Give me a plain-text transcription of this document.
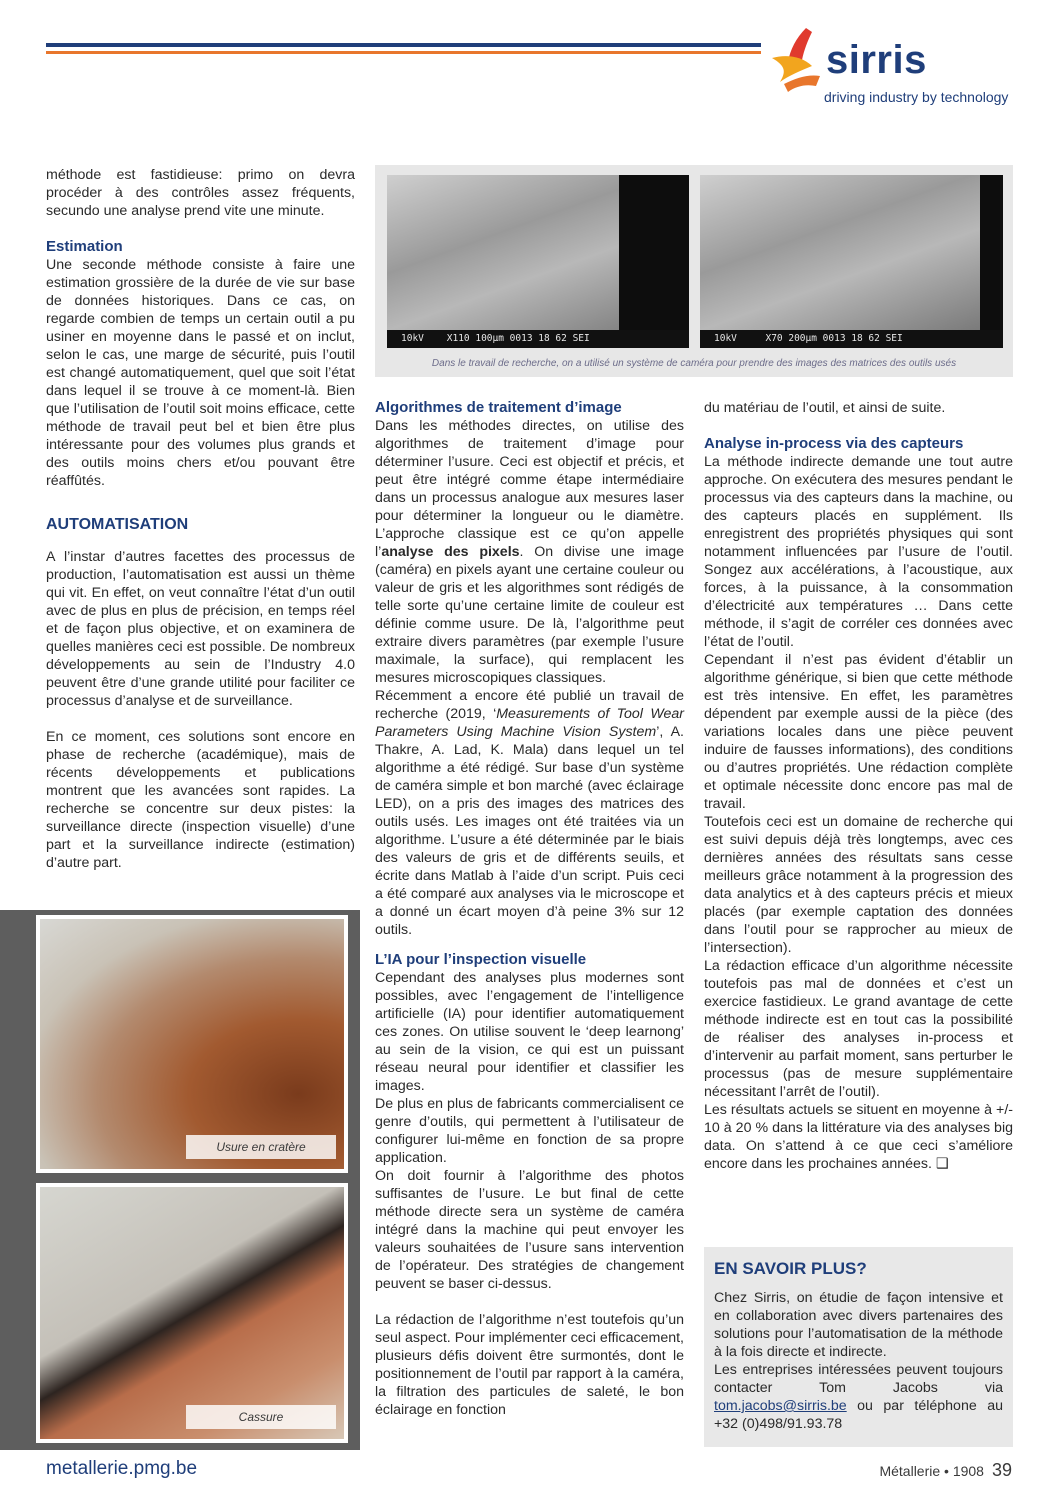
sirris
driving industry by technology

méthode est fastidieuse: primo on devra procéder à des contrôles assez fréquents, secundo une analyse prend vite une minute.

Estimation

Une seconde méthode consiste à faire une estimation grossière de la durée de vie sur base de données historiques. Dans ce cas, on regarde combien de temps un certain outil a pu usiner en moyenne dans le passé et on inclut, selon le cas, une marge de sécurité, puis l’outil est changé automatiquement, quel que soit l’état dans lequel il se trouve à ce moment-là. Bien que l’utilisation de l’outil soit moins efficace, cette méthode de travail peut bel et bien être plus intéressante pour des volumes plus grands et des outils moins chers et/ou pouvant être réaffûtés.

AUTOMATISATION

A l’instar d’autres facettes des processus de production, l’automatisation est aussi un thème qui vit. En effet, on veut connaître l’état d’un outil avec de plus en plus de précision, en temps réel et de façon plus objective, et on examinera de quelles manières ceci est possible. De nombreux développements au sein de l’Industry 4.0 peuvent être d’une grande utilité pour faciliter ce processus d’analyse et de surveillance.

En ce moment, ces solutions sont encore en phase de recherche (académique), mais de récents développements et publications montrent que les avancées sont rapides. La recherche se concentre sur deux pistes: la surveillance directe (inspection visuelle) d’une part et la surveillance indirecte (estimation) d’autre part.

10kV    X110 100µm 0013 18 62 SEI	10kV     X70 200µm 0013 18 62 SEI
Dans le travail de recherche, on a utilisé un système de caméra pour prendre des images des matrices des outils usés
Algorithmes de traitement d’image

Dans les méthodes directes, on utilise des algorithmes de traitement d’image pour déterminer l’usure. Ceci est objectif et précis, et peut être intégré comme étape intermédiaire dans un processus analogue aux mesures laser pour déterminer la longueur ou le diamètre. L’approche classique est ce qu’on appelle l’analyse des pixels. On divise une image (caméra) en pixels ayant une certaine couleur ou valeur de gris et les algorithmes sont rédigés de telle sorte qu’une certaine limite de couleur est définie comme usure. De là, l’algorithme peut extraire divers paramètres (par exemple l’usure maximale, la surface), qui remplacent les mesures microscopiques classiques.

Récemment a encore été publié un travail de recherche (2019, ‘Measurements of Tool Wear Parameters Using Machine Vision System’, A. Thakre, A. Lad, K. Mala) dans lequel un tel algorithme a été rédigé. Sur base d’un système de caméra simple et bon marché (avec éclairage LED), on a pris des images des matrices des outils usés. Les images ont été traitées via un algorithme. L’usure a été déterminée par le biais des valeurs de gris et de différents seuils, et écrite dans Matlab à l’aide d’un script. Puis ceci a été comparé aux analyses via le microscope et a donné un écart moyen d’à peine 3% sur 12 outils.

L’IA pour l’inspection visuelle

Cependant des analyses plus modernes sont possibles, avec l’engagement de l’intelligence artificielle (IA) pour identifier automatiquement ces zones. On utilise souvent le ‘deep learnong’ au sein de la vision, ce qui est un puissant réseau neural pour identifier et classifier les images.

De plus en plus de fabricants commercialisent ce genre d’outils, qui permettent à l’utilisateur de configurer lui-même en fonction de sa propre application.

On doit fournir à l’algorithme des photos suffisantes de l’usure. Le but final de cette méthode directe sera un système de caméra intégré dans la machine qui peut envoyer les valeurs souhaitées de l’usure sans intervention de l’opérateur. Des stratégies de changement peuvent se baser ci-dessus.

La rédaction de l’algorithme n’est toutefois qu’un seul aspect. Pour implémenter ceci efficacement, plusieurs défis doivent être surmontés, dont le positionnement de l’outil par rapport à la caméra, la filtration des particules de saleté, le bon éclairage en fonction

du matériau de l’outil, et ainsi de suite.

Analyse in-process via des capteurs

La méthode indirecte demande une tout autre approche. On exécutera des mesures pendant le processus via des capteurs dans la machine, ou des capteurs placés en supplément. Ils enregistrent des propriétés physiques qui sont notamment influencées par l’usure de l’outil. Songez aux accélérations, à l’acoustique, aux forces, à la puissance, à la consommation d’électricité aux températures … Dans cette méthode, il s’agit de corréler ces données avec l’état de l’outil.

Cependant il n’est pas évident d’établir un algorithme générique, si bien que cette méthode est très intensive. En effet, les paramètres dépendent par exemple aussi de la pièce (des variations locales dans une pièce peuvent induire de fausses informations), des conditions ou d’autres propriétés. Une rédaction complète et optimale nécessite donc encore pas mal de travail.

Toutefois ceci est un domaine de recherche qui est suivi depuis déjà très longtemps, avec ces dernières années des résultats sans cesse meilleurs grâce notamment à la progression des data analytics et à des capteurs précis et mieux placés (par exemple captation des données dans l’outil pour se rapprocher au mieux de l’intersection).

La rédaction efficace d’un algorithme nécessite toutefois pas mal de données et c’est un exercice fastidieux. Le grand avantage de cette méthode indirecte est en tout cas la possibilité de réaliser des analyses in-process et d’intervenir au parfait moment, sans perturber le processus (pas de mesure supplémentaire nécessitant l’arrêt de l’outil).

Les résultats actuels se situent en moyenne à +/- 10 à 20 % dans la littérature via des analyses big data. On s’attend à ce que ceci s’améliore encore dans les prochaines années. ❑

Usure en cratère
Cassure
EN SAVOIR PLUS?

Chez Sirris, on étudie de façon intensive et en collaboration avec divers partenaires des solutions pour l’automatisation de la méthode à la fois directe et indirecte.

Les entreprises intéressées peuvent toujours contacter Tom Jacobs via tom.jacobs@sirris.be ou par téléphone au +32 (0)498/91.93.78

metallerie.pmg.be	Métallerie • 1908 39
